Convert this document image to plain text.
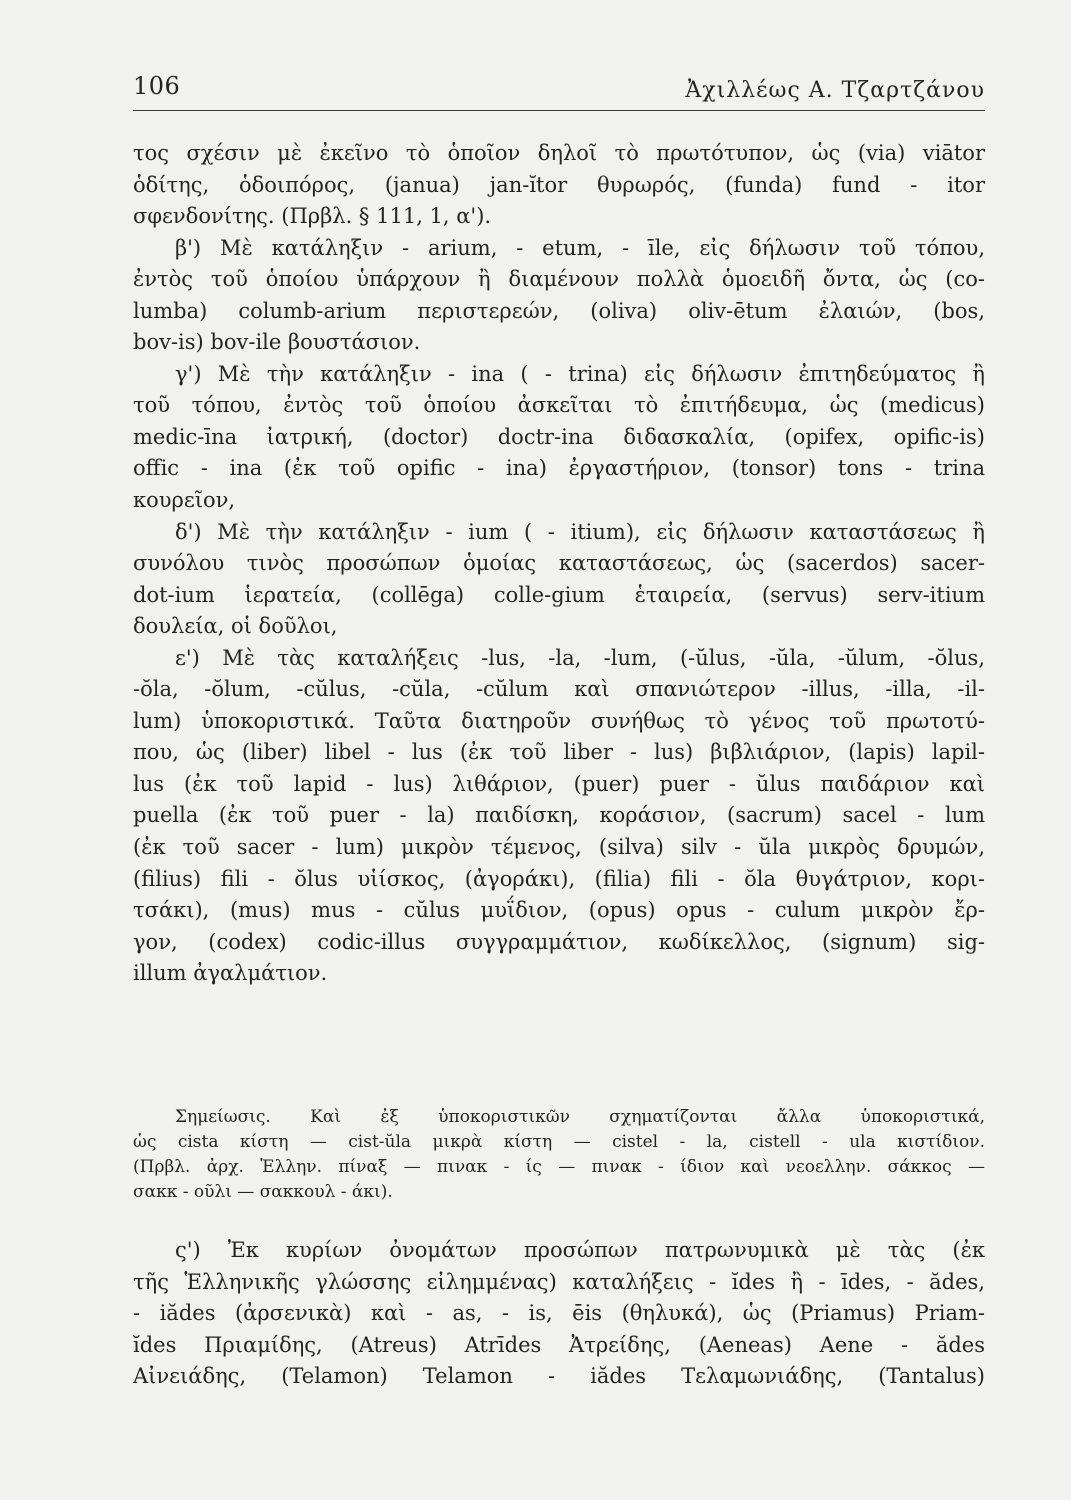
106	Ἀχιλλέως Α. Τζαρτζάνου
τος σχέσιν μὲ ἐκεῖνο τὸ ὁποῖον δηλοῖ τὸ πρωτότυπον, ὡς (via) viātor
ὁδίτης, ὁδοιπόρος, (janua) jan-ĭtor θυρωρός, (funda) fund - itor
σφενδονίτης. (Πρβλ. § 111, 1, α').
β') Μὲ κατάληξιν - arium, - etum, - īle, εἰς δήλωσιν τοῦ τόπου,
ἐντὸς τοῦ ὁποίου ὑπάρχουν ἢ διαμένουν πολλὰ ὁμοειδῆ ὄντα, ὡς (co-
lumba) columb-arium περιστερεών, (oliva) oliv-ētum ἐλαιών, (bos,
bov-is) bov-ile βουστάσιον.
γ') Μὲ τὴν κατάληξιν - ina ( - trina) εἰς δήλωσιν ἐπιτηδεύματος ἢ
τοῦ τόπου, ἐντὸς τοῦ ὁποίου ἀσκεῖται τὸ ἐπιτήδευμα, ὡς (medicus)
medic-īna ἰατρική, (doctor) doctr-ina διδασκαλία, (opifex, opific-is)
offic - ina (ἐκ τοῦ opific - ina) ἐργαστήριον, (tonsor) tons - trina
κουρεῖον,
δ') Μὲ τὴν κατάληξιν - ium ( - itium), εἰς δήλωσιν καταστάσεως ἢ
συνόλου τινὸς προσώπων ὁμοίας καταστάσεως, ὡς (sacerdos) sacer-
dot-ium ἱερατεία, (collēga) colle-gium ἑταιρεία, (servus) serv-itium
δουλεία, οἱ δοῦλοι,
ε') Μὲ τὰς καταλήξεις -lus, -la, -lum, (-ŭlus, -ŭla, -ŭlum, -ŏlus,
-ŏla, -ŏlum, -cŭlus, -cŭla, -cŭlum καὶ σπανιώτερον -illus, -illa, -il-
lum) ὑποκοριστικά. Ταῦτα διατηροῦν συνήθως τὸ γένος τοῦ πρωτοτύ-
που, ὡς (liber) libel - lus (ἐκ τοῦ liber - lus) βιβλιάριον, (lapis) lapil-
lus (ἐκ τοῦ lapid - lus) λιθάριον, (puer) puer - ŭlus παιδάριον καὶ
puella (ἐκ τοῦ puer - la) παιδίσκη, κοράσιον, (sacrum) sacel - lum
(ἐκ τοῦ sacer - lum) μικρὸν τέμενος, (silva) silv - ŭla μικρὸς δρυμών,
(filius) fili - ŏlus υἱίσκος, (ἀγοράκι), (filia) fili - ŏla θυγάτριον, κορι-
τσάκι), (mus) mus - cŭlus μυΐδιον, (opus) opus - culum μικρὸν ἔρ-
γον, (codex) codic-illus συγγραμμάτιον, κωδίκελλος, (signum) sig-
illum ἀγαλμάτιον.
Σημείωσις. Καὶ ἐξ ὑποκοριστικῶν σχηματίζονται ἄλλα ὑποκοριστικά,
ὡς cista κίστη — cist-ŭla μικρὰ κίστη — cistel - la, cistell - ula κιστίδιον.
(Πρβλ. ἀρχ. Ἑλλην. πίναξ — πινακ - ίς — πινακ - ίδιον καὶ νεοελλην. σάκκος —
σακκ - οῦλι — σακκουλ - άκι).
ς') Ἐκ κυρίων ὀνομάτων προσώπων πατρωνυμικὰ μὲ τὰς (ἐκ
τῆς Ἑλληνικῆς γλώσσης εἰλημμένας) καταλήξεις - ĭdes ἢ - īdes, - ădes,
- iădes (ἀρσενικὰ) καὶ - as, - is, ēis (θηλυκά), ὡς (Priamus) Priam-
ĭdes Πριαμίδης, (Atreus) Atrīdes Ἀτρείδης, (Aeneas) Aene - ădes
Αἰνειάδης, (Telamon) Telamon - iădes Τελαμωνιάδης, (Tantalus)
